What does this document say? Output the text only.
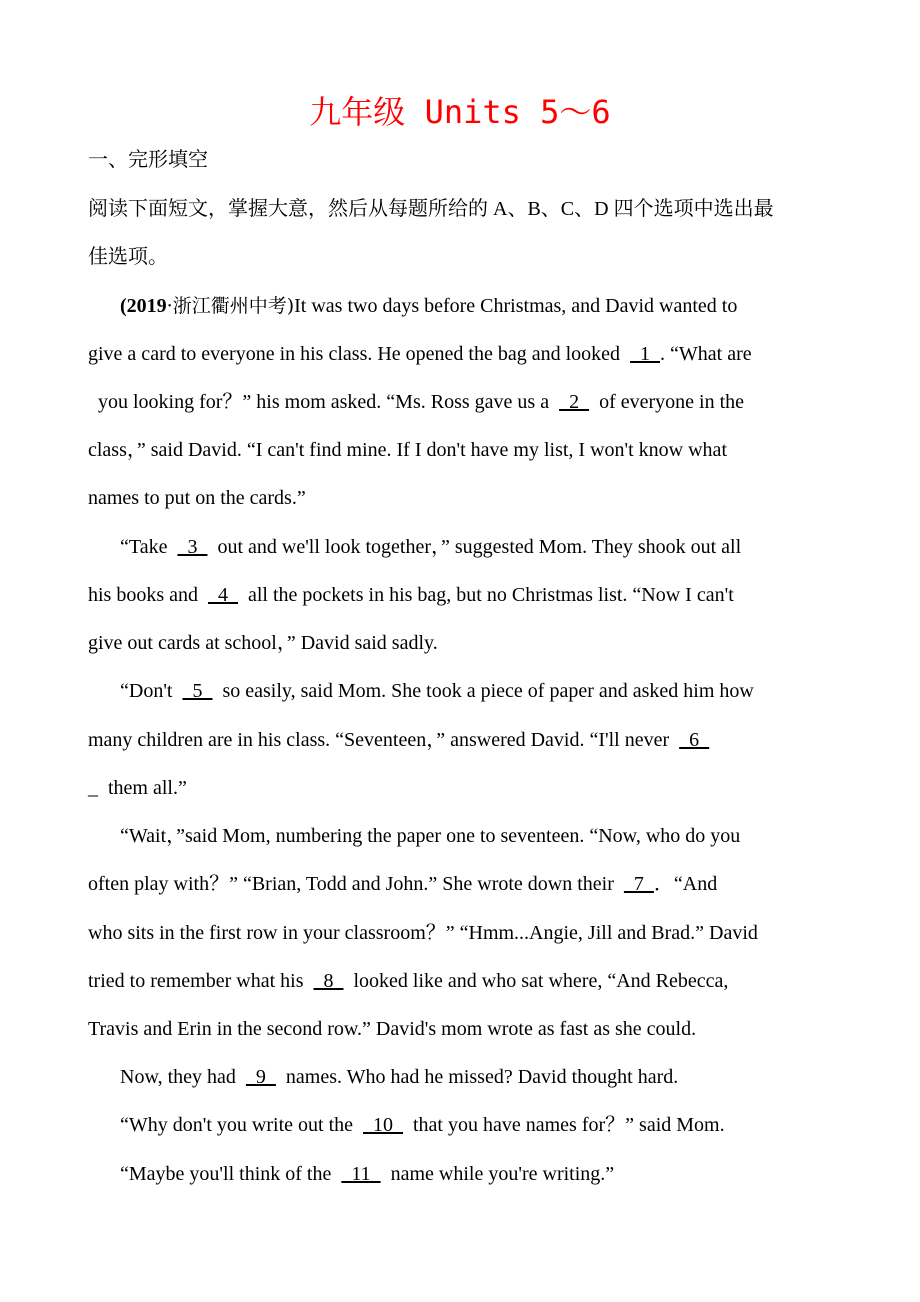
九年级 Units 5～6
一、完形填空
阅读下面短文，掌握大意，然后从每题所给的 A、B、C、D 四个选项中选出最
佳选项。
(2019·浙江衢州中考)It was two days before Christmas, and David wanted to
give a card to everyone in his class. He opened the bag and looked    1  . “What are
you looking for？” his mom asked. “Ms. Ross gave us a    2    of everyone in the
class，” said David. “I can't find mine. If I don't have my list, I won't know what
names to put on the cards.”
“Take    3    out and we'll look together，” suggested Mom. They shook out all
his books and    4    all the pockets in his bag, but no Christmas list. “Now I can't
give out cards at school，” David said sadly.
“Don't    5    so easily, said Mom. She took a piece of paper and asked him how
many children are in his class. “Seventeen，” answered David. “I'll never    6
_ them all.”
“Wait，”said Mom, numbering the paper one to seventeen. “Now, who do you
often play with？” “Brian, Todd and John.” She wrote down their    7  ．“And
who sits in the first row in your classroom？” “Hmm...Angie, Jill and Brad.” David
tried to remember what his    8    looked like and who sat where, “And Rebecca,
Travis and Erin in the second row.” David's mom wrote as fast as she could.
Now, they had    9    names. Who had he missed? David thought hard.
“Why don't you write out the    10    that you have names for？” said Mom.
“Maybe you'll think of the    11    name while you're writing.”
